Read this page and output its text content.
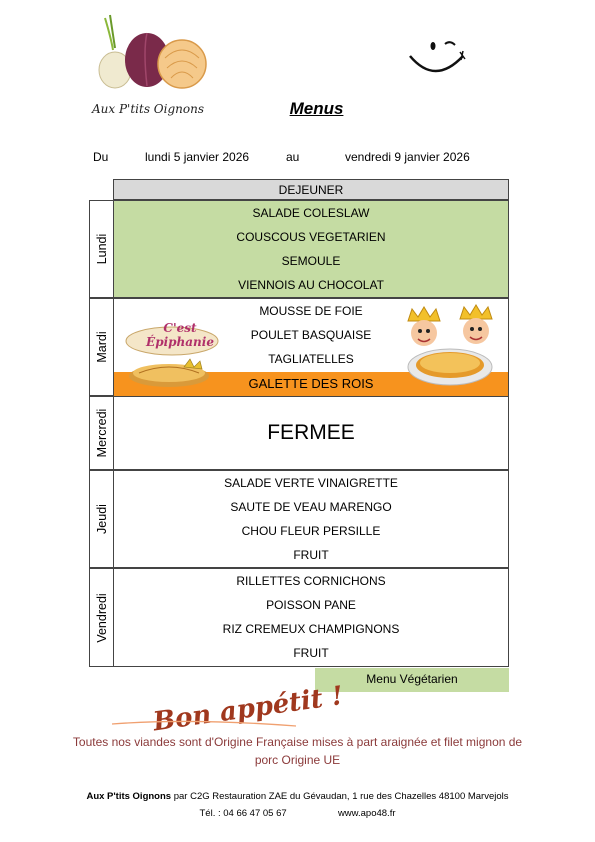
Aux P'tits Oignons	Menus
Du	lundi 5 janvier 2026	au	vendredi 9 janvier 2026
DEJEUNER
Lundi
SALADE COLESLAW
COUSCOUS VEGETARIEN
SEMOULE
VIENNOIS AU CHOCOLAT
Mardi
MOUSSE DE FOIE
POULET BASQUAISE
TAGLIATELLES
GALETTE DES ROIS
C'est Épiphanie
Mercredi	FERMEE
Jeudi
SALADE VERTE VINAIGRETTE
SAUTE DE VEAU MARENGO
CHOU FLEUR PERSILLE
FRUIT
Vendredi
RILLETTES CORNICHONS
POISSON PANE
RIZ CREMEUX CHAMPIGNONS
FRUIT
Menu Végétarien
Bon appétit !
Toutes nos viandes sont d'Origine Française mises à part araignée et filet mignon de porc Origine UE
Aux P'tits Oignons par C2G Restauration ZAE du Gévaudan, 1 rue des Chazelles 48100 Marvejols
Tél. : 04 66 47 05 67	www.apo48.fr
